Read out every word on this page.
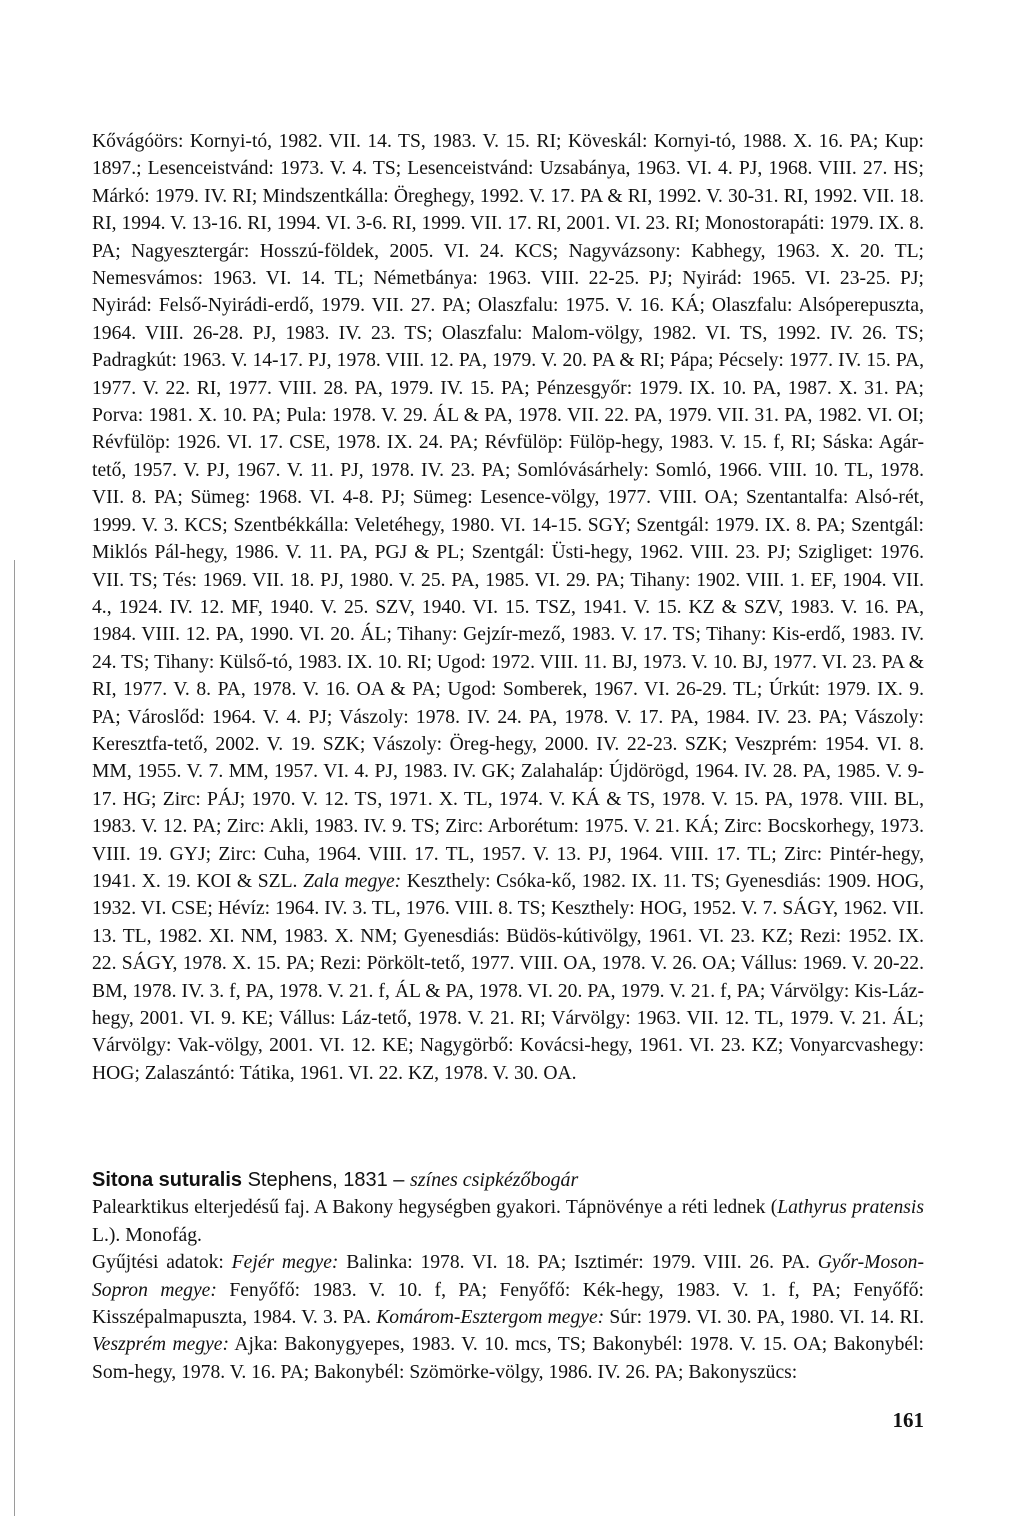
Kővágóörs: Kornyi-tó, 1982. VII. 14. TS, 1983. V. 15. RI; Köveskál: Kornyi-tó, 1988. X. 16. PA; Kup: 1897.; Lesenceistvánd: 1973. V. 4. TS; Lesenceistvánd: Uzsabánya, 1963. VI. 4. PJ, 1968. VIII. 27. HS; Márkó: 1979. IV. RI; Mindszentkálla: Öreghegy, 1992. V. 17. PA & RI, 1992. V. 30-31. RI, 1992. VII. 18. RI, 1994. V. 13-16. RI, 1994. VI. 3-6. RI, 1999. VII. 17. RI, 2001. VI. 23. RI; Monostorapáti: 1979. IX. 8. PA; Nagyesztergár: Hosszú-földek, 2005. VI. 24. KCS; Nagyvázsony: Kabhegy, 1963. X. 20. TL; Nemesvámos: 1963. VI. 14. TL; Németbánya: 1963. VIII. 22-25. PJ; Nyirád: 1965. VI. 23-25. PJ; Nyirád: Felső-Nyirádi-erdő, 1979. VII. 27. PA; Olaszfalu: 1975. V. 16. KÁ; Olaszfalu: Alsóperepuszta, 1964. VIII. 26-28. PJ, 1983. IV. 23. TS; Olaszfalu: Malom-völgy, 1982. VI. TS, 1992. IV. 26. TS; Padragkút: 1963. V. 14-17. PJ, 1978. VIII. 12. PA, 1979. V. 20. PA & RI; Pápa; Pécsely: 1977. IV. 15. PA, 1977. V. 22. RI, 1977. VIII. 28. PA, 1979. IV. 15. PA; Pénzesgyőr: 1979. IX. 10. PA, 1987. X. 31. PA; Porva: 1981. X. 10. PA; Pula: 1978. V. 29. ÁL & PA, 1978. VII. 22. PA, 1979. VII. 31. PA, 1982. VI. OI; Révfülöp: 1926. VI. 17. CSE, 1978. IX. 24. PA; Révfülöp: Fülöp-hegy, 1983. V. 15. f, RI; Sáska: Agár-tető, 1957. V. PJ, 1967. V. 11. PJ, 1978. IV. 23. PA; Somlóvásárhely: Somló, 1966. VIII. 10. TL, 1978. VII. 8. PA; Sümeg: 1968. VI. 4-8. PJ; Sümeg: Lesence-völgy, 1977. VIII. OA; Szentantalfa: Alsó-rét, 1999. V. 3. KCS; Szentbékkálla: Veletéhegy, 1980. VI. 14-15. SGY; Szentgál: 1979. IX. 8. PA; Szentgál: Miklós Pál-hegy, 1986. V. 11. PA, PGJ & PL; Szentgál: Üsti-hegy, 1962. VIII. 23. PJ; Szigliget: 1976. VII. TS; Tés: 1969. VII. 18. PJ, 1980. V. 25. PA, 1985. VI. 29. PA; Tihany: 1902. VIII. 1. EF, 1904. VII. 4., 1924. IV. 12. MF, 1940. V. 25. SZV, 1940. VI. 15. TSZ, 1941. V. 15. KZ & SZV, 1983. V. 16. PA, 1984. VIII. 12. PA, 1990. VI. 20. ÁL; Tihany: Gejzír-mező, 1983. V. 17. TS; Tihany: Kis-erdő, 1983. IV. 24. TS; Tihany: Külső-tó, 1983. IX. 10. RI; Ugod: 1972. VIII. 11. BJ, 1973. V. 10. BJ, 1977. VI. 23. PA & RI, 1977. V. 8. PA, 1978. V. 16. OA & PA; Ugod: Somberek, 1967. VI. 26-29. TL; Úrkút: 1979. IX. 9. PA; Városlőd: 1964. V. 4. PJ; Vászoly: 1978. IV. 24. PA, 1978. V. 17. PA, 1984. IV. 23. PA; Vászoly: Keresztfa-tető, 2002. V. 19. SZK; Vászoly: Öreg-hegy, 2000. IV. 22-23. SZK; Veszprém: 1954. VI. 8. MM, 1955. V. 7. MM, 1957. VI. 4. PJ, 1983. IV. GK; Zalahaláp: Újdörögd, 1964. IV. 28. PA, 1985. V. 9-17. HG; Zirc: PÁJ; 1970. V. 12. TS, 1971. X. TL, 1974. V. KÁ & TS, 1978. V. 15. PA, 1978. VIII. BL, 1983. V. 12. PA; Zirc: Akli, 1983. IV. 9. TS; Zirc: Arborétum: 1975. V. 21. KÁ; Zirc: Bocskorhegy, 1973. VIII. 19. GYJ; Zirc: Cuha, 1964. VIII. 17. TL, 1957. V. 13. PJ, 1964. VIII. 17. TL; Zirc: Pintér-hegy, 1941. X. 19. KOI & SZL. Zala megye: Keszthely: Csóka-kő, 1982. IX. 11. TS; Gyenesdiás: 1909. HOG, 1932. VI. CSE; Hévíz: 1964. IV. 3. TL, 1976. VIII. 8. TS; Keszthely: HOG, 1952. V. 7. SÁGY, 1962. VII. 13. TL, 1982. XI. NM, 1983. X. NM; Gyenesdiás: Büdös-kútivölgy, 1961. VI. 23. KZ; Rezi: 1952. IX. 22. SÁGY, 1978. X. 15. PA; Rezi: Pörkölt-tető, 1977. VIII. OA, 1978. V. 26. OA; Vállus: 1969. V. 20-22. BM, 1978. IV. 3. f, PA, 1978. V. 21. f, ÁL & PA, 1978. VI. 20. PA, 1979. V. 21. f, PA; Várvölgy: Kis-Láz-hegy, 2001. VI. 9. KE; Vállus: Láz-tető, 1978. V. 21. RI; Várvölgy: 1963. VII. 12. TL, 1979. V. 21. ÁL; Várvölgy: Vak-völgy, 2001. VI. 12. KE; Nagygörbő: Kovácsi-hegy, 1961. VI. 23. KZ; Vonyarcvashegy: HOG; Zalaszántó: Tátika, 1961. VI. 22. KZ, 1978. V. 30. OA.

Sitona suturalis Stephens, 1831 – színes csipkézőbogár

Palearktikus elterjedésű faj. A Bakony hegységben gyakori. Tápnövénye a réti lednek (Lathyrus pratensis L.). Monofág.

Gyűjtési adatok: Fejér megye: Balinka: 1978. VI. 18. PA; Isztimér: 1979. VIII. 26. PA. Győr-Moson-Sopron megye: Fenyőfő: 1983. V. 10. f, PA; Fenyőfő: Kék-hegy, 1983. V. 1. f, PA; Fenyőfő: Kisszépalmapuszta, 1984. V. 3. PA. Komárom-Esztergom megye: Súr: 1979. VI. 30. PA, 1980. VI. 14. RI. Veszprém megye: Ajka: Bakonygyepes, 1983. V. 10. mcs, TS; Bakonybél: 1978. V. 15. OA; Bakonybél: Som-hegy, 1978. V. 16. PA; Bakonybél: Szömörke-völgy, 1986. IV. 26. PA; Bakonyszücs:

161
